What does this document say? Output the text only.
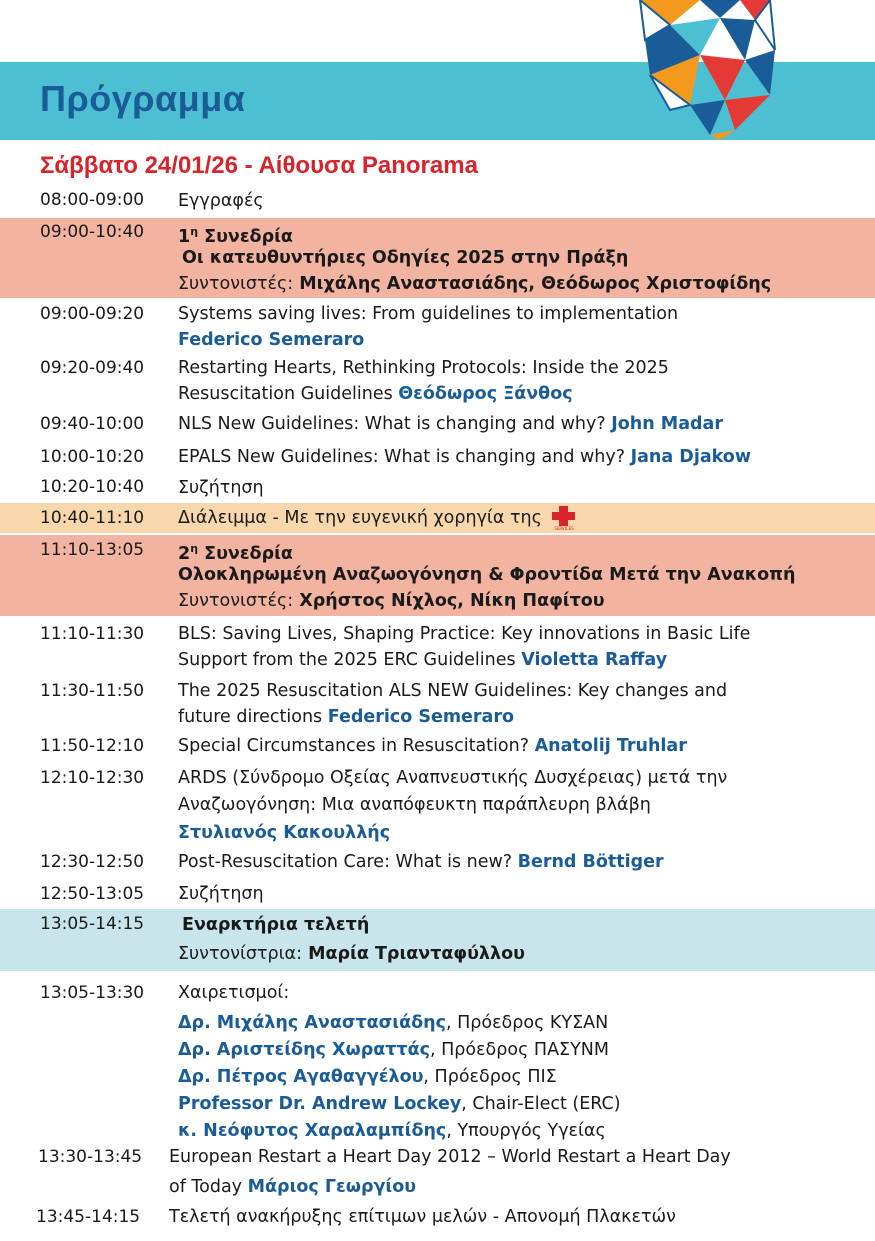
Πρόγραμμα
Σάββατο 24/01/26 - Αίθουσα Panorama
08:00-09:00 Εγγραφές
09:00-10:40 $1^\eta$ Συνεδρία
Οι κατευθυντήριες Οδηγίες 2025 στην Πράξη
Συντονιστές: Μιχάλης Αναστασιάδης, Θεόδωρος Χριστοφίδης
09:00-09:20 Systems saving lives: From guidelines to implementation
Federico Semeraro
09:20-09:40 Restarting Hearts, Rethinking Protocols: Inside the 2025
Resuscitation Guidelines Θεόδωρος Ξάνθος
09:40-10:00 NLS New Guidelines: What is changing and why? John Madar
10:00-10:20 EPALS New Guidelines: What is changing and why? Jana Djakow
10:20-10:40 Συζήτηση
10:40-11:10 Διάλειμμα - Με την ευγενική χορηγία της
SERVICES
11:10-13:05 $2^\eta$ Συνεδρία
Ολοκληρωμένη Αναζωογόνηση & Φροντίδα Μετά την Ανακοπή
Συντονιστές: Χρήστος Νίχλος, Νίκη Παφίτου
11:10-11:30 BLS: Saving Lives, Shaping Practice: Key innovations in Basic Life
Support from the 2025 ERC Guidelines Violetta Raffay
11:30-11:50 The 2025 Resuscitation ALS NEW Guidelines: Key changes and
future directions Federico Semeraro
11:50-12:10 Special Circumstances in Resuscitation? Anatolij Truhlar
12:10-12:30 ARDS (Σύνδρομο Οξείας Αναπνευστικής Δυσχέρειας) μετά την
Αναζωογόνηση: Μια αναπόφευκτη παράπλευρη βλάβη
Στυλιανός Κακουλλής
12:30-12:50 Post-Resuscitation Care: What is new? Bernd Böttiger
12:50-13:05 Συζήτηση
13:05-14:15 Εναρκτήρια τελετή
Συντονίστρια: Μαρία Τριανταφύλλου
13:05-13:30 Χαιρετισμοί:
Δρ. Μιχάλης Αναστασιάδης, Πρόεδρος ΚΥΣΑΝ
Δρ. Αριστείδης Χωραττάς, Πρόεδρος ΠΑΣΥΝΜ
Δρ. Πέτρος Αγαθαγγέλου, Πρόεδρος ΠΙΣ
Professor Dr. Andrew Lockey, Chair-Elect (ERC)
κ. Νεόφυτος Χαραλαμπίδης, Υπουργός Υγείας
13:30-13:45 European Restart a Heart Day 2012 – World Restart a Heart Day
of Today Μάριος Γεωργίου
13:45-14:15 Τελετή ανακήρυξης επίτιμων μελών - Απονομή Πλακετών
